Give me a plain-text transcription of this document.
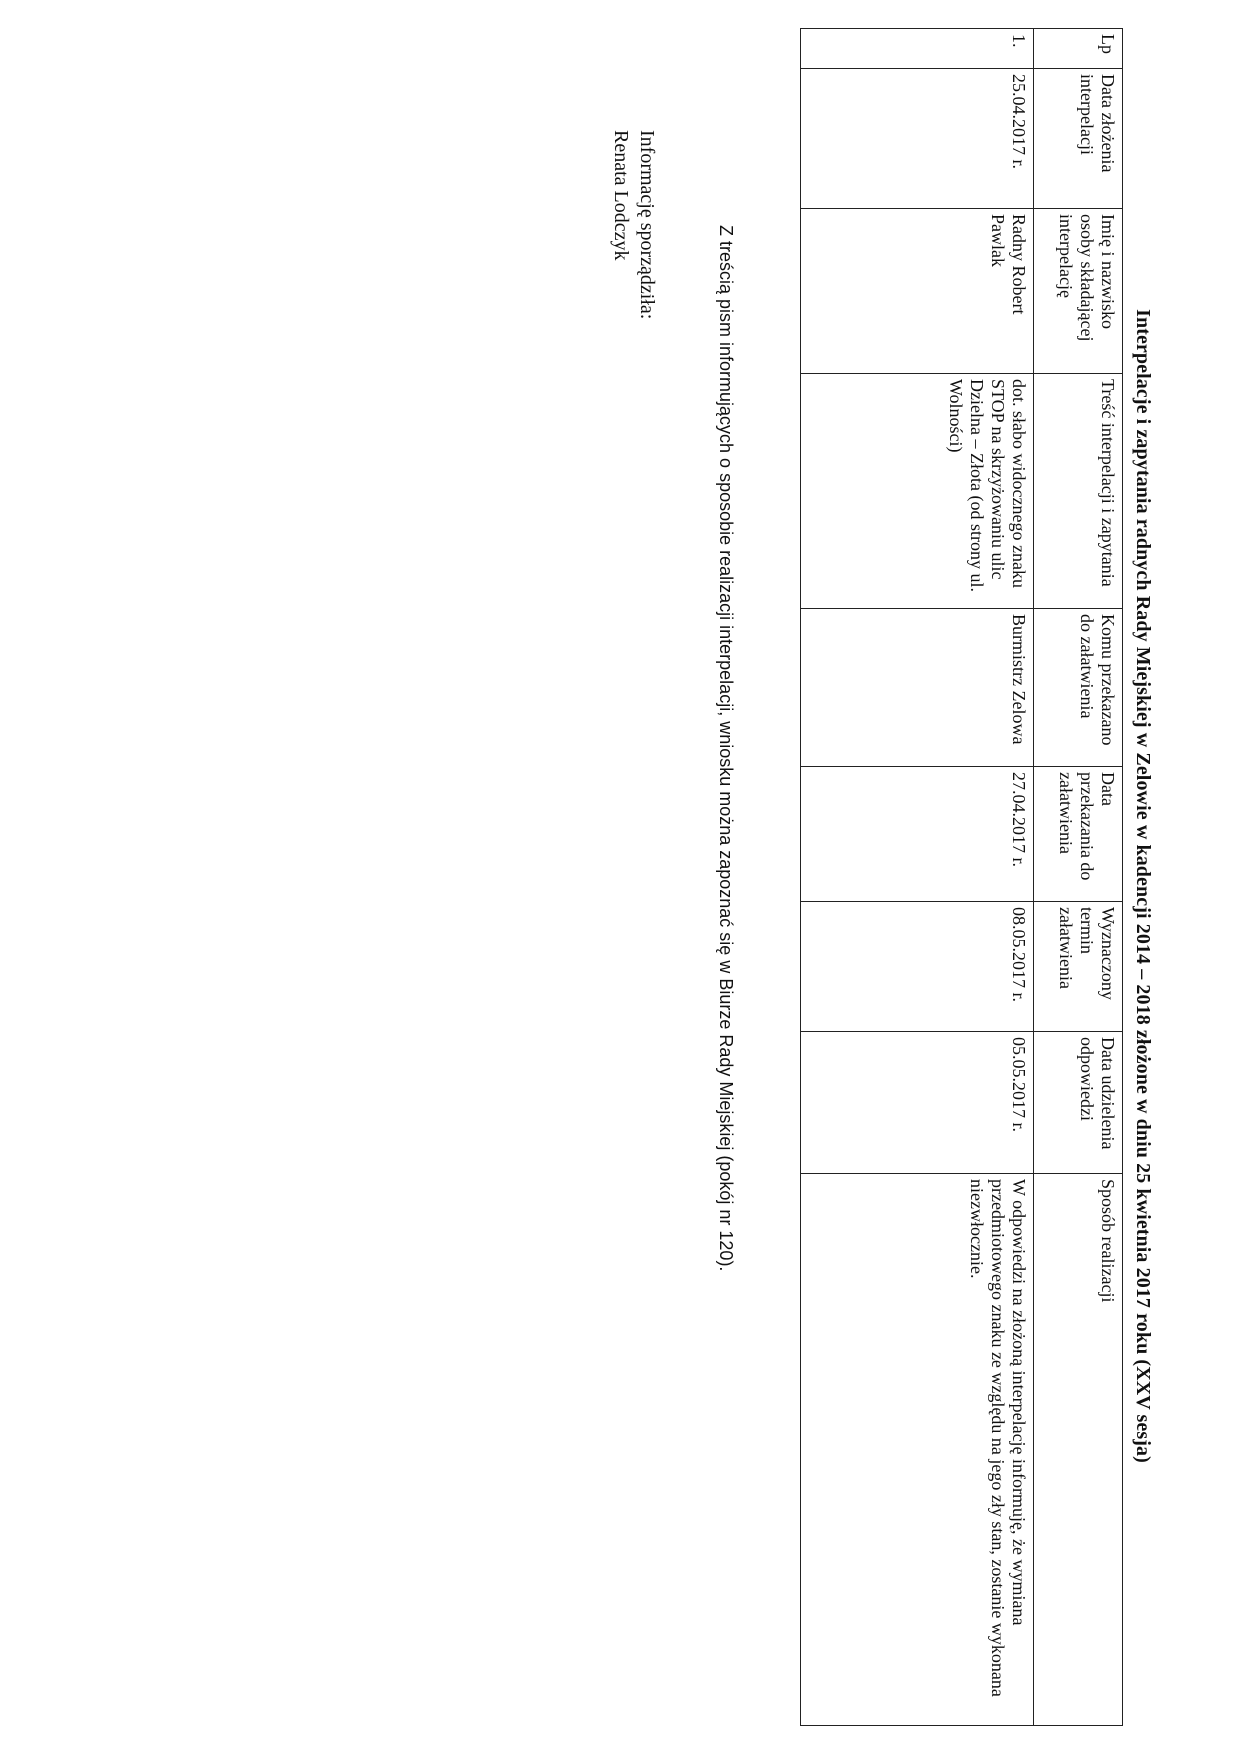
Interpelacje i zapytania radnych Rady Miejskiej w Zelowie w kadencji 2014 – 2018 złożone w dniu 25 kwietnia 2017 roku (XXV sesja)
Lp	Data złożenia interpelacji	Imię i nazwisko osoby składającej interpelację	Treść interpelacji i zapytania	Komu przekazano do załatwienia	Data przekazania do załatwienia	Wyznaczony termin załatwienia	Data udzielenia odpowiedzi	Sposób realizacji
1.	25.04.2017 r.	Radny Robert Pawlak	dot. słabo widocznego znaku STOP na skrzyżowaniu ulic Dzielna – Złota (od strony ul. Wolności)	Burmistrz Zelowa	27.04.2017 r.	08.05.2017 r.	05.05.2017 r.	W odpowiedzi na złożoną interpelację informuję, że wymiana przedmiotowego znaku ze względu na jego zły stan, zostanie wykonana niezwłocznie.
Z treścią pism informujących o sposobie realizacji interpelacji, wniosku można zapoznać się w Biurze Rady Miejskiej (pokój nr 120).
Informację sporządziła:
Renata Lodczyk
